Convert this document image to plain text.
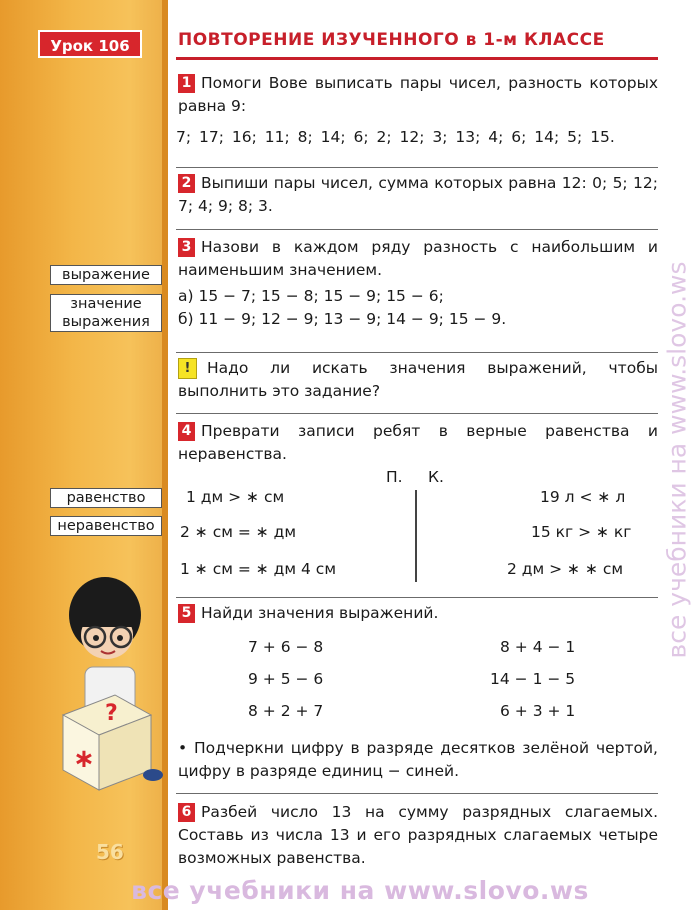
Урок 106	ПОВТОРЕНИЕ ИЗУЧЕННОГО в 1-м КЛАССЕ
1 Помоги Вове выписать пары чисел, разность которых равна 9:
7; 17; 16; 11; 8; 14; 6; 2; 12; 3; 13; 4; 6; 14; 5; 15.
2 Выпиши пары чисел, сумма которых равна 12: 0; 5; 12; 7; 4; 9; 8; 3.
3 Назови в каждом ряду разность с наибольшим и наименьшим значением.
а) 15 − 7; 15 − 8; 15 − 9; 15 − 6;
б) 11 − 9; 12 − 9; 13 − 9; 14 − 9; 15 − 9.
выражение
значение
выражения
! Надо ли искать значения выражений, чтобы выполнить это задание?
4 Преврати записи ребят в верные равенства и неравенства.
П. К.
1 дм > ∗ см
2 ∗ см = ∗ дм
1 ∗ см = ∗ дм 4 см
19 л < ∗ л
15 кг > ∗ кг
2 дм > ∗ ∗ см
равенство
неравенство
5 Найди значения выражений.
7 + 6 − 8
9 + 5 − 6
8 + 2 + 7
8 + 4 − 1
14 − 1 − 5
6 + 3 + 1
• Подчеркни цифру в разряде десятков зелёной чертой, цифру в разряде единиц − синей.
6 Разбей число 13 на сумму разрядных слагаемых. Составь из числа 13 и его разрядных слагаемых четыре возможных равенства.
?
∗
56
все учебники на www.slovo.ws
все учебники на www.slovo.ws
